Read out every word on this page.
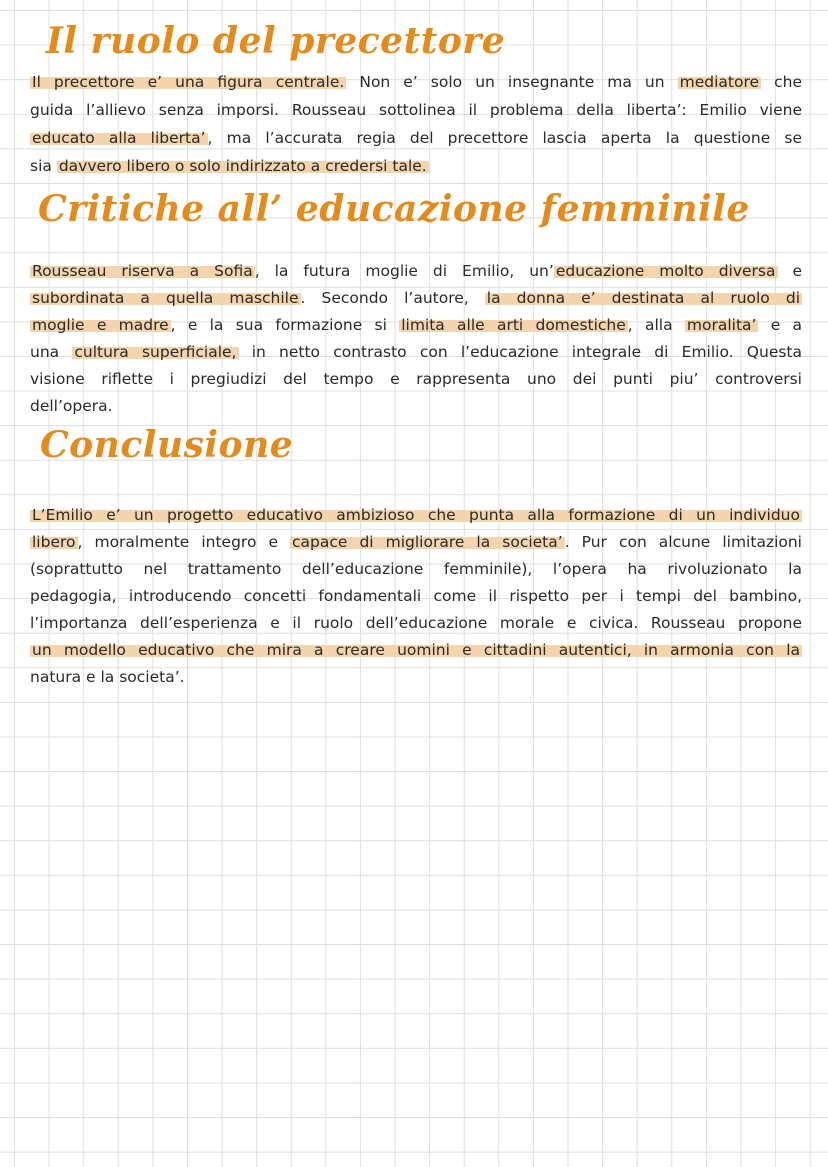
Il ruolo del precettore
Il precettore e’ una figura centrale. Non e’ solo un insegnante ma un mediatore che
guida l’allievo senza imporsi. Rousseau sottolinea il problema della liberta’: Emilio viene
educato alla liberta’ , ma l’accurata regia del precettore lascia aperta la questione se
sia davvero libero o solo indirizzato a credersi tale.
Critiche all’ educazione femminile
Rousseau riserva a Sofia , la futura moglie di Emilio, un’ educazione molto diversa e
subordinata a quella maschile . Secondo l’autore, la donna e’ destinata al ruolo di
moglie e madre , e la sua formazione si limita alle arti domestiche , alla moralita’ e a
una cultura superficiale, in netto contrasto con l’educazione integrale di Emilio. Questa
visione riflette i pregiudizi del tempo e rappresenta uno dei punti piu’ controversi
dell’opera.
Conclusione
L’Emilio e’ un progetto educativo ambizioso che punta alla formazione di un individuo
libero , moralmente integro e capace di migliorare la societa’ . Pur con alcune limitazioni
(soprattutto nel trattamento dell’educazione femminile), l’opera ha rivoluzionato la
pedagogia, introducendo concetti fondamentali come il rispetto per i tempi del bambino,
l’importanza dell’esperienza e il ruolo dell’educazione morale e civica. Rousseau propone
un modello educativo che mira a creare uomini e cittadini autentici, in armonia con la
natura e la societa’.
